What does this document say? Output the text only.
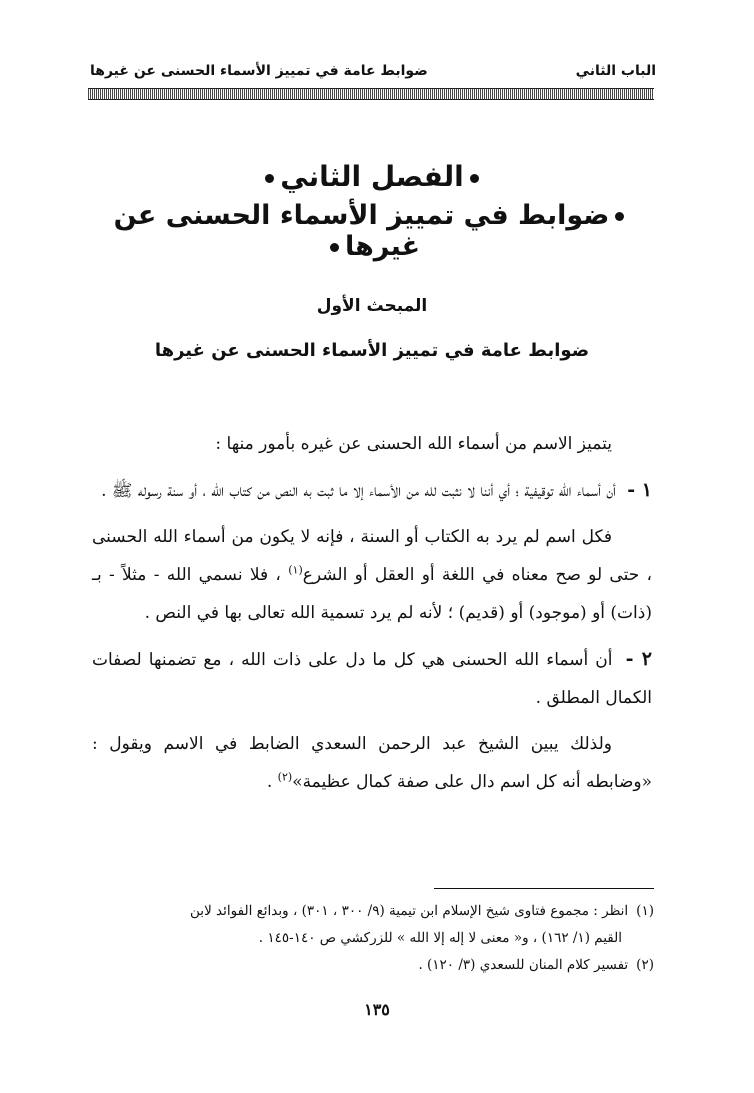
الباب الثاني
ضوابط عامة في تمييز الأسماء الحسنى عن غيرها
الفصل الثاني
ضوابط في تمييز الأسماء الحسنى عن غيرها
المبحث الأول
ضوابط عامة في تمييز الأسماء الحسنى عن غيرها

يتميز الاسم من أسماء الله الحسنى عن غيره بأمور منها :

١ - أن أسماء الله توقيفية ؛ أي أننا لا نثبت لله من الأسماء إلا ما ثبت به النص من كتاب الله ، أو سنة رسوله ﷺ .

فكل اسم لم يرد به الكتاب أو السنة ، فإنه لا يكون من أسماء الله الحسنى ، حتى لو صح معناه في اللغة أو العقل أو الشرع$^{(١)}$ ، فلا نسمي الله - مثلاً - بـ (ذات) أو (موجود) أو (قديم) ؛ لأنه لم يرد تسمية الله تعالى بها في النص .

٢ - أن أسماء الله الحسنى هي كل ما دل على ذات الله ، مع تضمنها لصفات الكمال المطلق .

ولذلك يبين الشيخ عبد الرحمن السعدي الضابط في الاسم ويقول : «وضابطه أنه كل اسم دال على صفة كمال عظيمة»$^{(٢)}$ .

(١)انظر : مجموع فتاوى شيخ الإسلام ابن تيمية (٩/ ٣٠٠ ، ٣٠١) ، وبدائع الفوائد لابن

القيم (١/ ١٦٢) ، و« معنى لا إله إلا الله » للزركشي ص ١٤٠-١٤٥ .

(٢)تفسير كلام المنان للسعدي (٣/ ١٢٠) .

١٣٥
